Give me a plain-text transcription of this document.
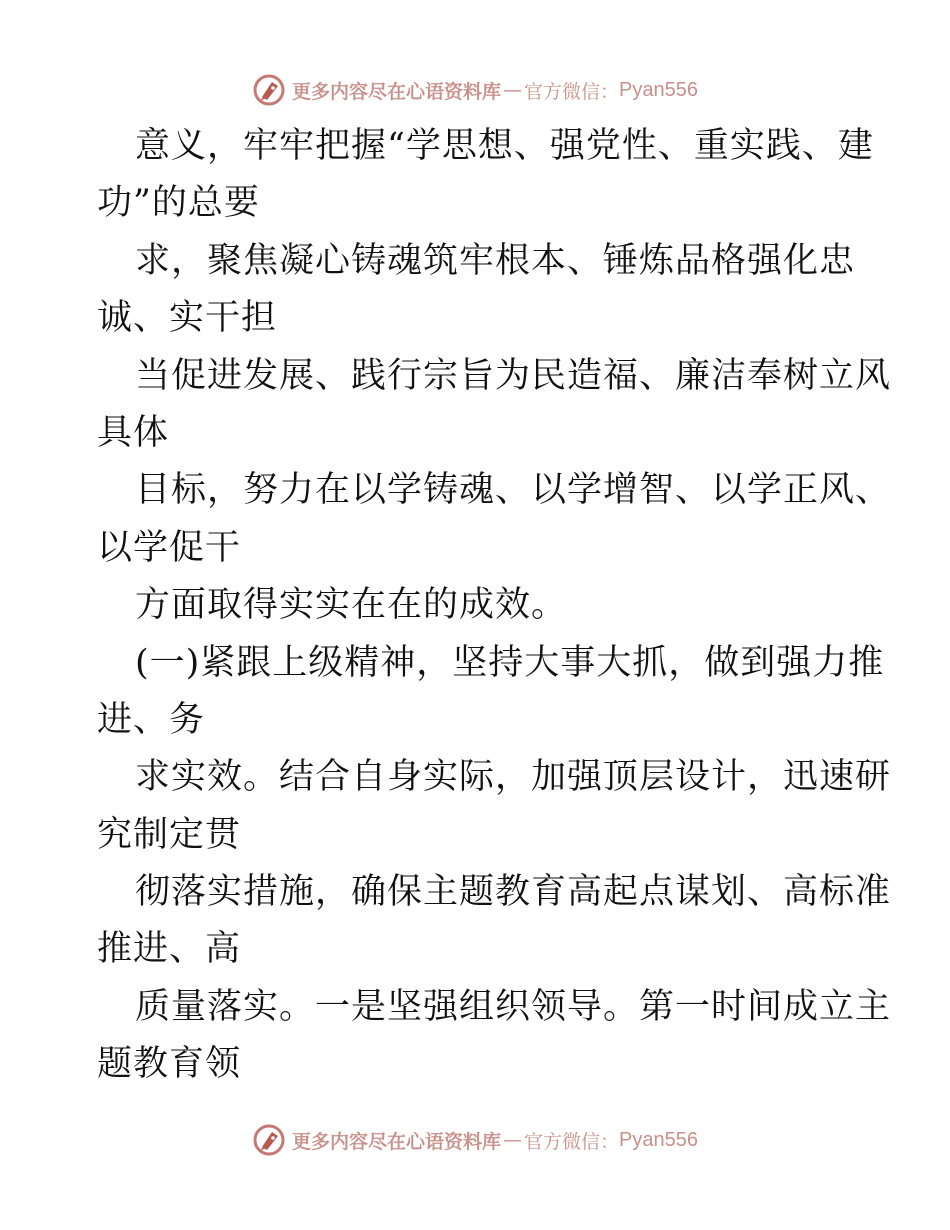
更多内容尽在心语资料库 — 官方微信： Pyan556
意义，牢牢把握“学思想、强党性、重实践、建
功”的总要
求，聚焦凝心铸魂筑牢根本、锤炼品格强化忠
诚、实干担
当促进发展、践行宗旨为民造福、廉洁奉树立风
具体
目标，努力在以学铸魂、以学增智、以学正风、
以学促干
方面取得实实在在的成效。
(一)紧跟上级精神，坚持大事大抓，做到强力推
进、务
求实效。结合自身实际，加强顶层设计，迅速研
究制定贯
彻落实措施，确保主题教育高起点谋划、高标准
推进、高
质量落实。一是坚强组织领导。第一时间成立主
题教育领
更多内容尽在心语资料库 — 官方微信： Pyan556
